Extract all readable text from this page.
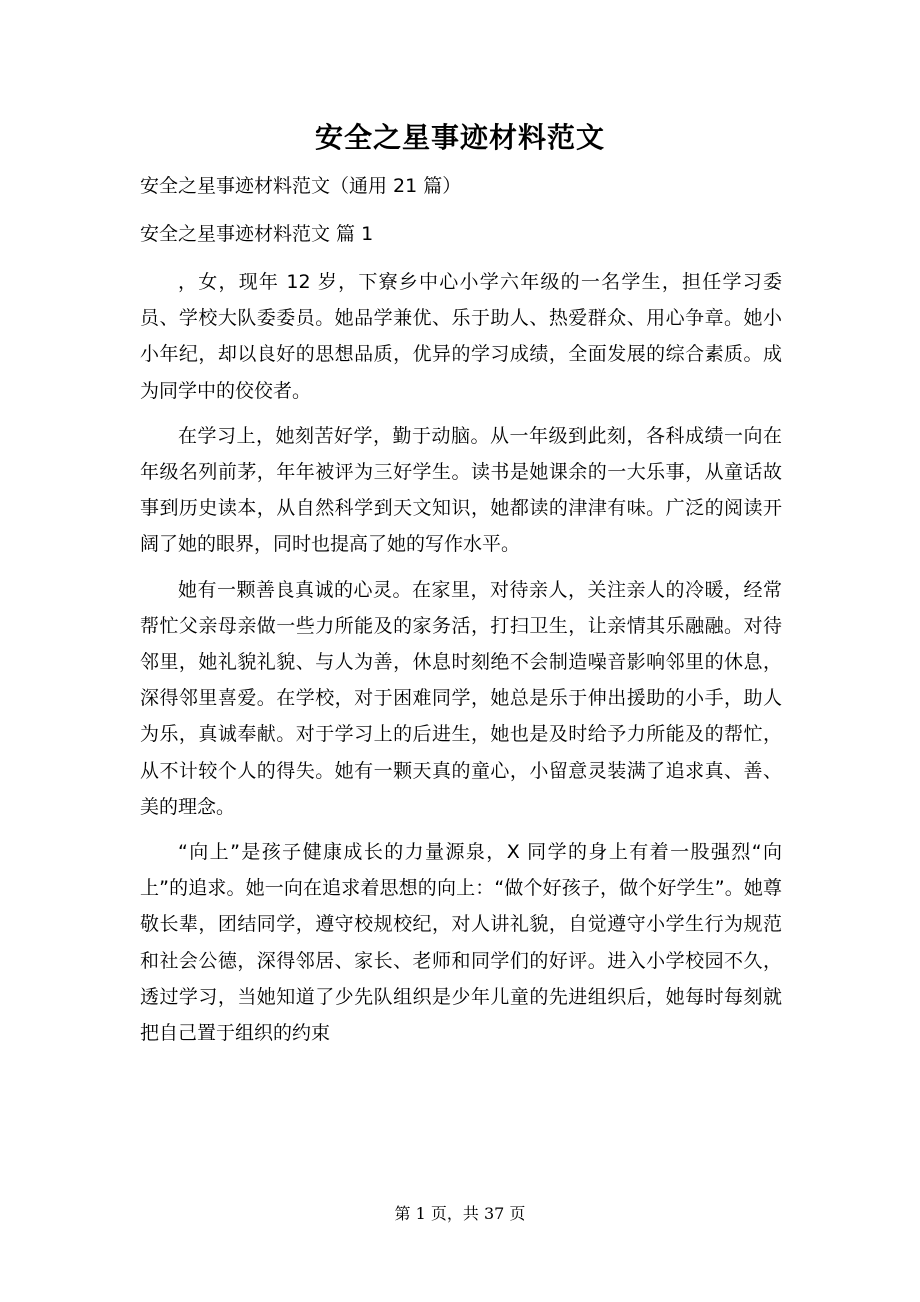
安全之星事迹材料范文
安全之星事迹材料范文（通用 21 篇）
安全之星事迹材料范文 篇 1

，女，现年 12 岁，下寮乡中心小学六年级的一名学生，担任学习委员、学校大队委委员。她品学兼优、乐于助人、热爱群众、用心争章。她小小年纪，却以良好的思想品质，优异的学习成绩，全面发展的综合素质。成为同学中的佼佼者。

在学习上，她刻苦好学，勤于动脑。从一年级到此刻，各科成绩一向在年级名列前茅，年年被评为三好学生。读书是她课余的一大乐事，从童话故事到历史读本，从自然科学到天文知识，她都读的津津有味。广泛的阅读开阔了她的眼界，同时也提高了她的写作水平。

她有一颗善良真诚的心灵。在家里，对待亲人，关注亲人的冷暖，经常帮忙父亲母亲做一些力所能及的家务活，打扫卫生，让亲情其乐融融。对待邻里，她礼貌礼貌、与人为善，休息时刻绝不会制造噪音影响邻里的休息，深得邻里喜爱。在学校，对于困难同学，她总是乐于伸出援助的小手，助人为乐，真诚奉献。对于学习上的后进生，她也是及时给予力所能及的帮忙，从不计较个人的得失。她有一颗天真的童心，小留意灵装满了追求真、善、美的理念。

“向上”是孩子健康成长的力量源泉，X 同学的身上有着一股强烈“向上”的追求。她一向在追求着思想的向上：“做个好孩子，做个好学生”。她尊敬长辈，团结同学，遵守校规校纪，对人讲礼貌，自觉遵守小学生行为规范和社会公德，深得邻居、家长、老师和同学们的好评。进入小学校园不久，透过学习，当她知道了少先队组织是少年儿童的先进组织后，她每时每刻就把自己置于组织的约束

第 1 页，共 37 页
